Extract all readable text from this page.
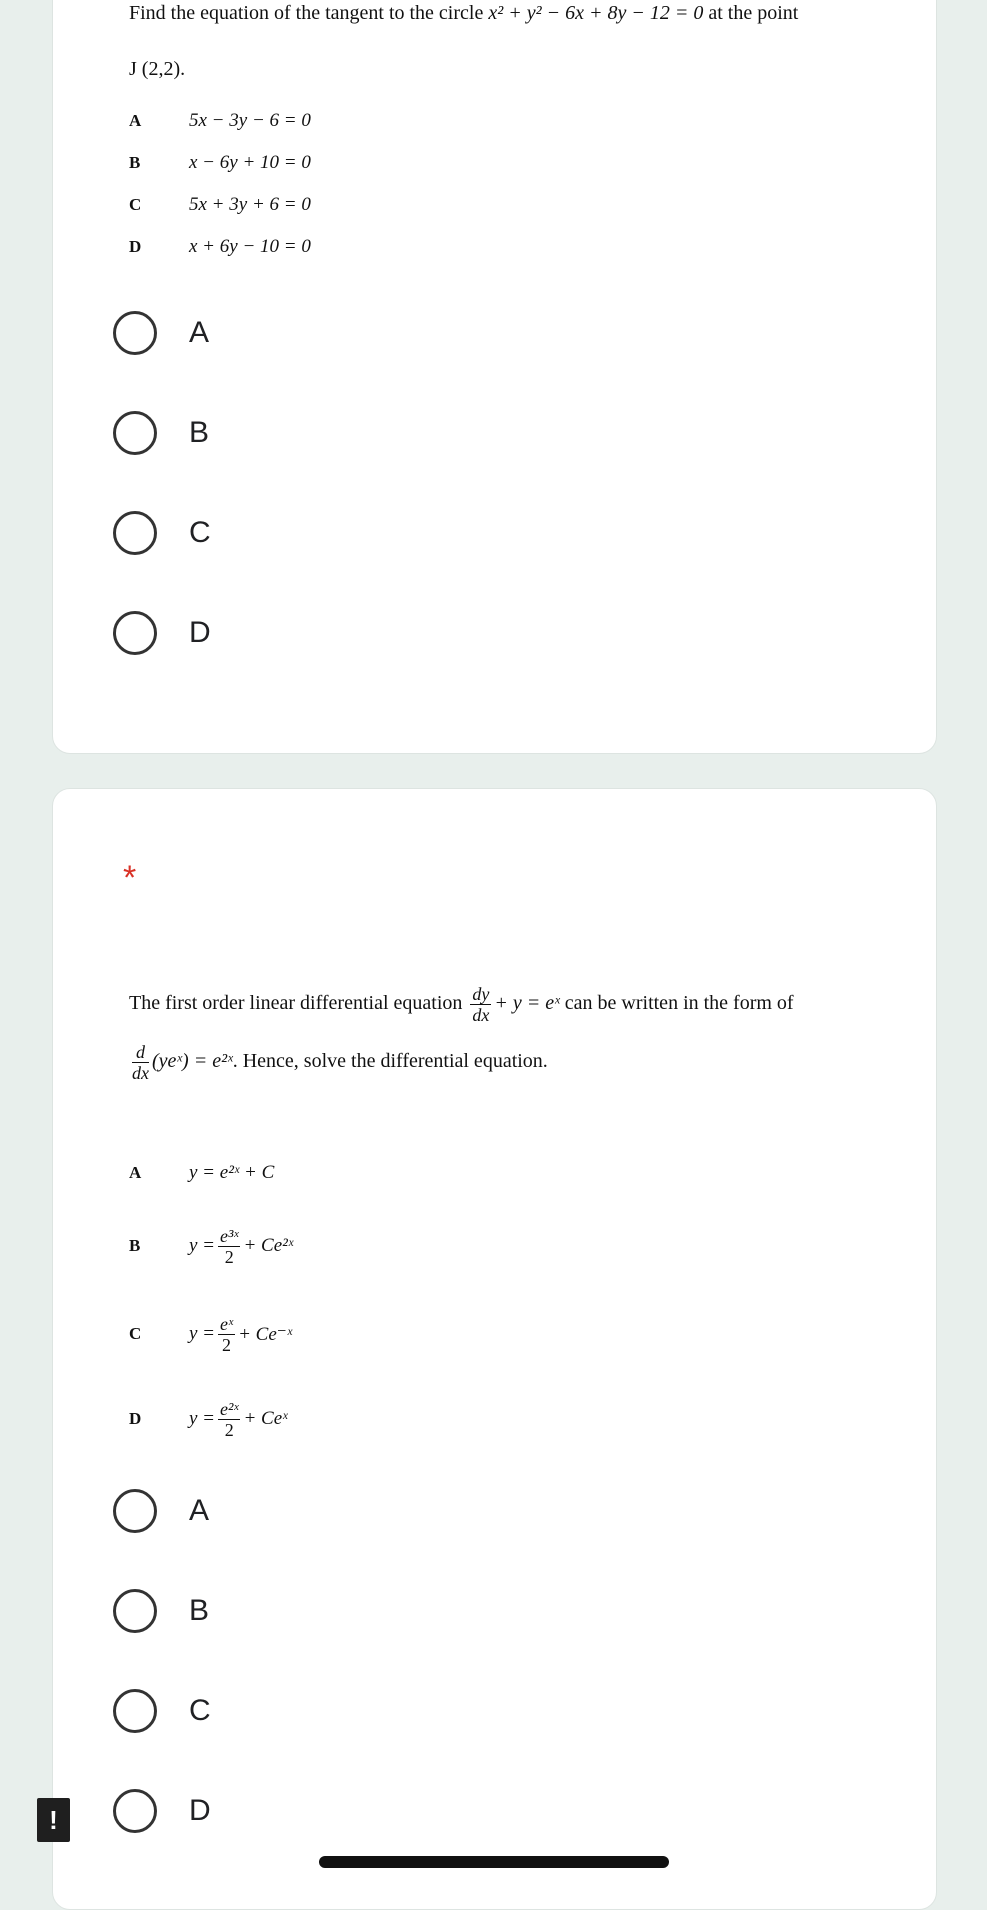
Find the equation of the tangent to the circle x² + y² − 6x + 8y − 12 = 0 at the point
J (2,2).
A	5x − 3y − 6 = 0
B	x − 6y + 10 = 0
C	5x + 3y + 6 = 0
D	x + 6y − 10 = 0
A
B
C
D
*
The first order linear differential equation $\frac{dy}{dx} + y$ = eˣ can be written in the form of
$\frac{d}{dx}$ (yeˣ) = e²ˣ. Hence, solve the differential equation.
A	y = e²ˣ + C
B	$y = \frac{\text{e³ˣ}}{2}$ + Ce²ˣ
C	$y = \frac{\text{eˣ}}{2}$ + Ce⁻ˣ
D	$y = \frac{\text{e²ˣ}}{2}$ + Ceˣ
A
B
C
D
!
